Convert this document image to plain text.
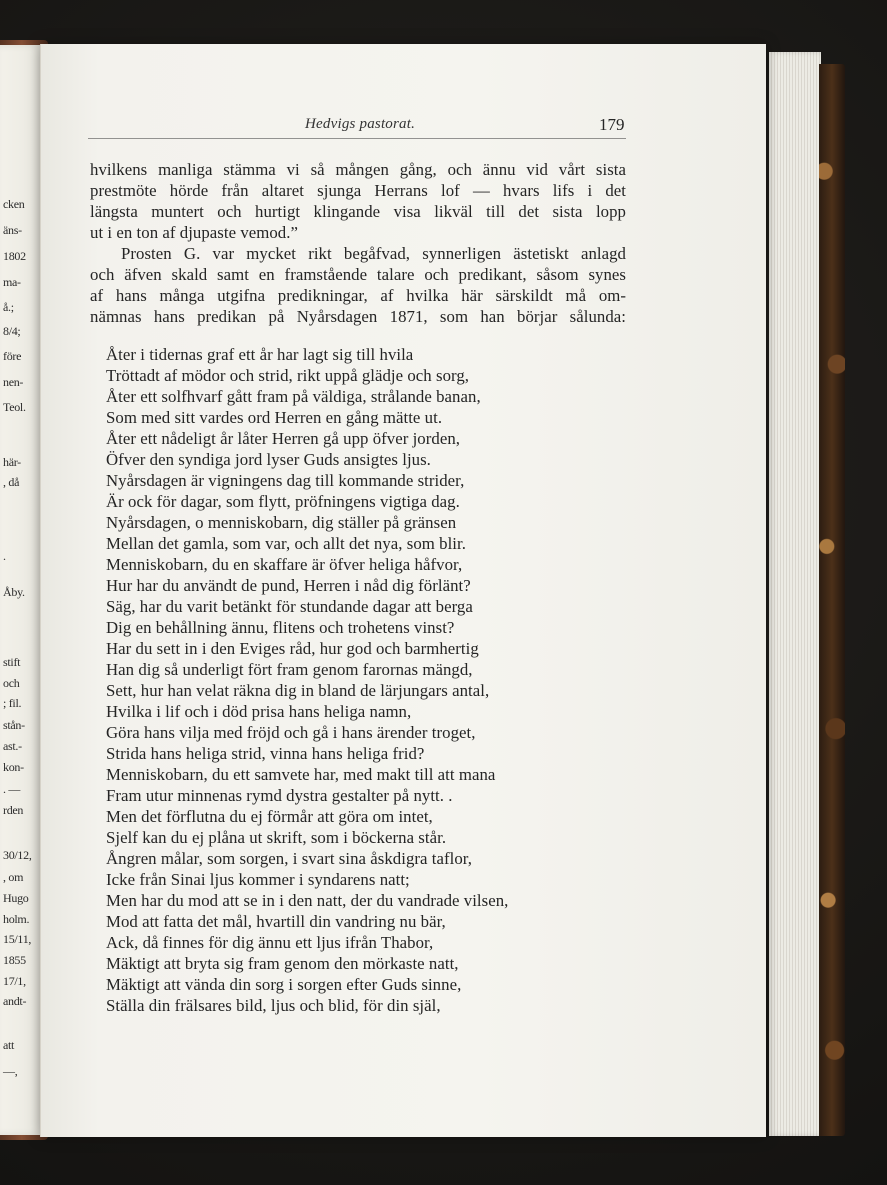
cken
äns-
1802
ma-
å.;
8/4;
före
nen-
Teol.
här-
, då
.
Åby.
stift
och
; fil.
stån-
ast.-
kon-
. —
rden
30/12,
, om
Hugo
holm.
15/11,
1855
17/1,
andt-
att
—,
Hedvigs pastorat.	179
hvilkens manliga stämma vi så mången gång, och ännu vid vårt sista
prestmöte hörde från altaret sjunga Herrans lof — hvars lifs i det
längsta muntert och hurtigt klingande visa likväl till det sista lopp
ut i en ton af djupaste vemod.”
Prosten G. var mycket rikt begåfvad, synnerligen ästetiskt anlagd
och äfven skald samt en framstående talare och predikant, såsom synes
af hans många utgifna predikningar, af hvilka här särskildt må om-
nämnas hans predikan på Nyårsdagen 1871, som han börjar sålunda:
Åter i tidernas graf ett år har lagt sig till hvila
Tröttadt af mödor och strid, rikt uppå glädje och sorg,
Åter ett solfhvarf gått fram på väldiga, strålande banan,
Som med sitt vardes ord Herren en gång mätte ut.
Åter ett nådeligt år låter Herren gå upp öfver jorden,
Öfver den syndiga jord lyser Guds ansigtes ljus.
Nyårsdagen är vigningens dag till kommande strider,
Är ock för dagar, som flytt, pröfningens vigtiga dag.
Nyårsdagen, o menniskobarn, dig ställer på gränsen
Mellan det gamla, som var, och allt det nya, som blir.
Menniskobarn, du en skaffare är öfver heliga håfvor,
Hur har du användt de pund, Herren i nåd dig förlänt?
Säg, har du varit betänkt för stundande dagar att berga
Dig en behållning ännu, flitens och trohetens vinst?
Har du sett in i den Eviges råd, hur god och barmhertig
Han dig så underligt fört fram genom farornas mängd,
Sett, hur han velat räkna dig in bland de lärjungars antal,
Hvilka i lif och i död prisa hans heliga namn,
Göra hans vilja med fröjd och gå i hans ärender troget,
Strida hans heliga strid, vinna hans heliga frid?
Menniskobarn, du ett samvete har, med makt till att mana
Fram utur minnenas rymd dystra gestalter på nytt. .
Men det förflutna du ej förmår att göra om intet,
Sjelf kan du ej plåna ut skrift, som i böckerna står.
Ångren målar, som sorgen, i svart sina åskdigra taflor,
Icke från Sinai ljus kommer i syndarens natt;
Men har du mod att se in i den natt, der du vandrade vilsen,
Mod att fatta det mål, hvartill din vandring nu bär,
Ack, då finnes för dig ännu ett ljus ifrån Thabor,
Mäktigt att bryta sig fram genom den mörkaste natt,
Mäktigt att vända din sorg i sorgen efter Guds sinne,
Ställa din frälsares bild, ljus och blid, för din själ,
